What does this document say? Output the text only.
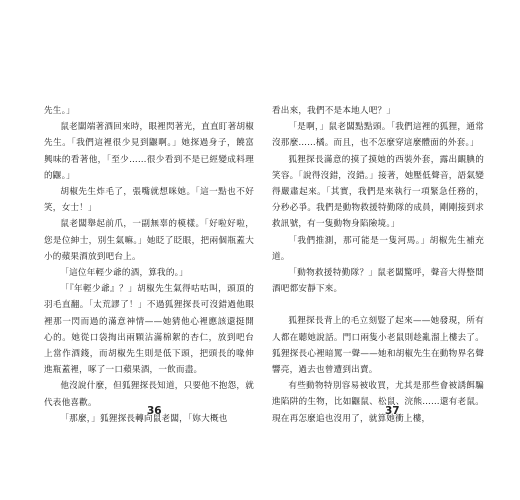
先生。」

鼠老闆端著酒回來時，眼裡閃著光，直直盯著胡椒先生。「我們這裡很少見到鼴啊。」她探過身子，饒富興味的看著他，「至少……很少看到不是已經變成料理的鼴。」

胡椒先生炸毛了，張嘴就想咪她。「這一點也不好笑，女士！」

鼠老闆舉起前爪，一副無辜的模樣。「好啦好啦，您是位紳士，別生氣嘛。」她眨了眨眼，把兩個瓶蓋大小的蘋果酒放到吧台上。

「這位年輕少爺的酒，算我的。」

「『年輕少爺』？」胡椒先生氣得咕咕叫，頭頂的羽毛直翻。「太荒謬了！」不過狐狸探長可沒錯過他眼裡那一閃而過的滿意神情——她猜他心裡應該還挺開心的。她從口袋掏出兩顆沾滿棉絮的杏仁，放到吧台上當作酒錢，而胡椒先生則是低下頭，把頭長的喙伸進瓶蓋裡，啄了一口蘋果酒，一飲而盡。

他沒說什麼，但狐狸探長知道，只要他不抱怨，就代表他喜歡。

「那麼，」狐狸探長轉向鼠老闆，「妳大概也

36

看出來，我們不是本地人吧？」

「是啊，」鼠老闆點點頭。「我們這裡的狐狸，通常沒那麼……橘。而且，也不怎麼穿這麼體面的外套。」

狐狸探長滿意的摸了摸她的西裝外套，露出靦腆的笑容。「說得沒錯，沒錯。」接著，她壓低聲音，語氣變得嚴肅起來。「其實，我們是來執行一項緊急任務的，分秒必爭。我們是動物救援特勤隊的成員，剛剛接到求救訊號，有一隻動物身陷險境。」

「我們推測，那可能是一隻河馬。」胡椒先生補充道。

「動物救援特勤隊？」鼠老闆驚呼，聲音大得整間酒吧都安靜下來。

狐狸探長背上的毛立刻豎了起來——她發現，所有人都在聽她說話。門口兩隻小老鼠則趁亂溜上樓去了。狐狸探長心裡暗罵一聲——她和胡椒先生在動物界名聲響亮，過去也曾遭到出賣。

有些動物特別容易被收買，尤其是那些會被誘餌騙進陷阱的生物，比如鼴鼠、松鼠、浣熊……還有老鼠。現在再怎麼追也沒用了，就算她衝上樓，

37
